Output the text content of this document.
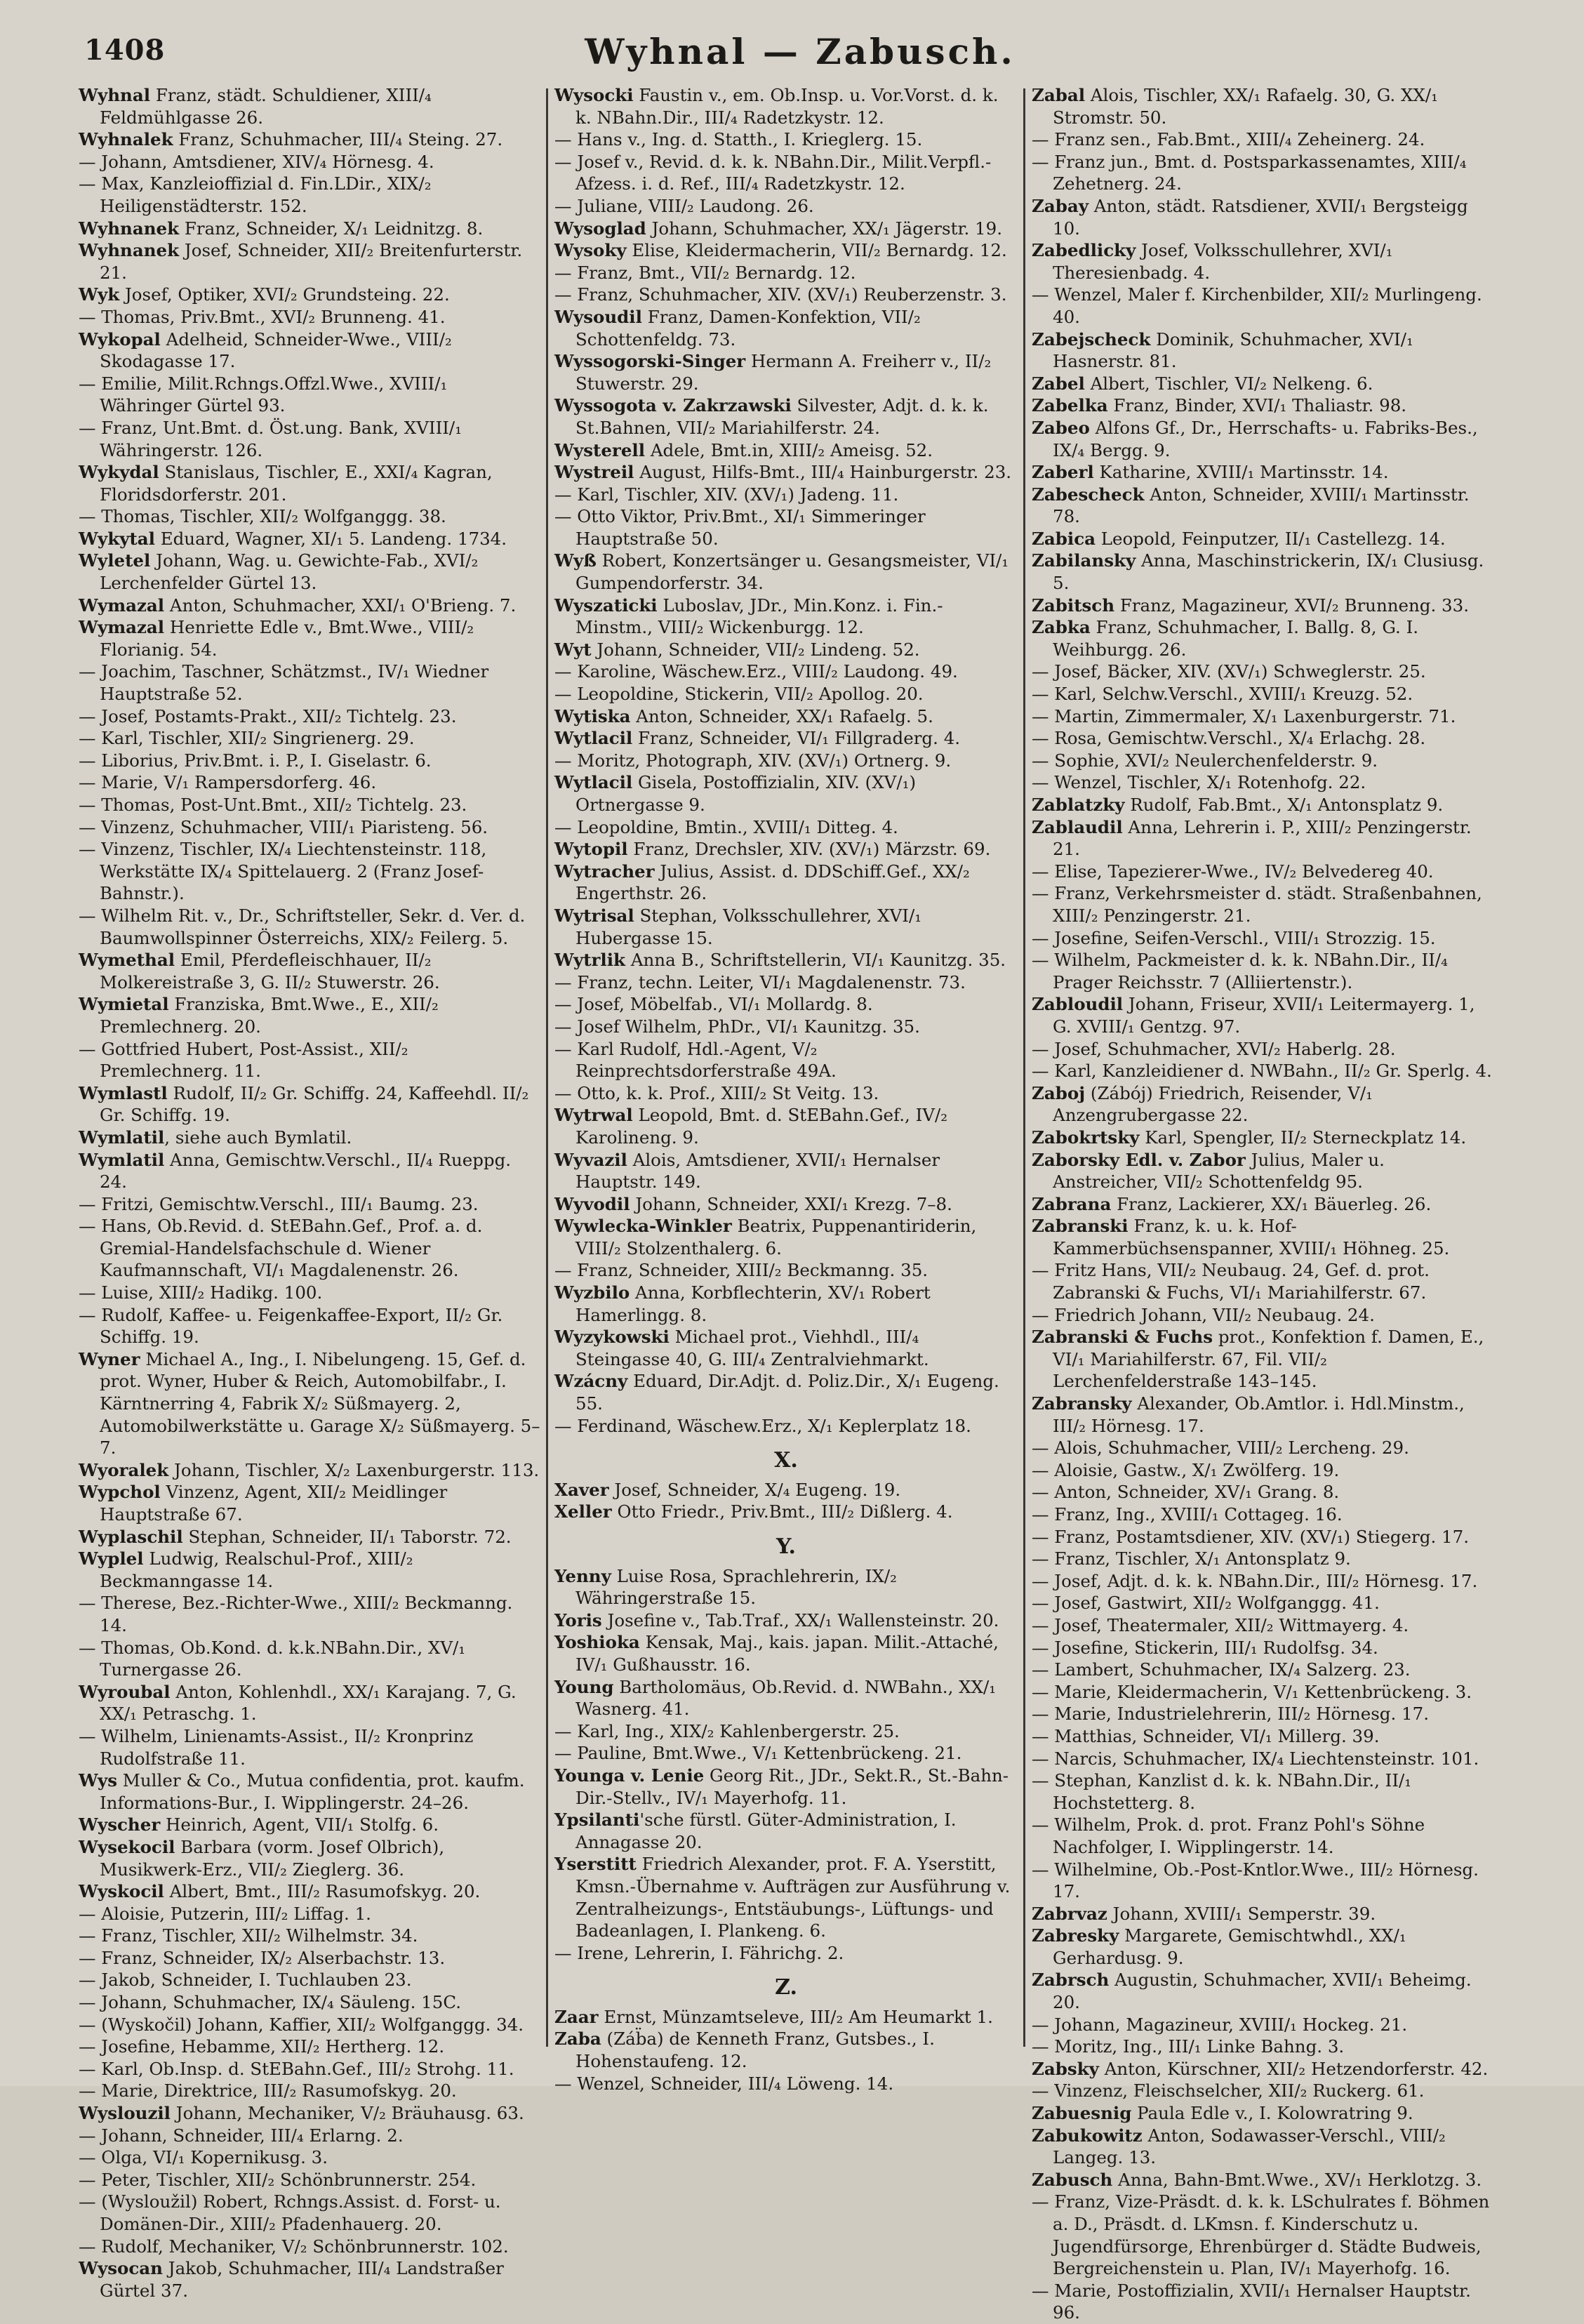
1408	Wyhnal — Zabusch.

Wyhnal Franz, städt. Schuldiener, XIII/₄ Feldmühlgasse 26.

Wyhnalek Franz, Schuhmacher, III/₄ Steing. 27.

— Johann, Amtsdiener, XIV/₄ Hörnesg. 4.

— Max, Kanzleioffizial d. Fin.LDir., XIX/₂ Heiligenstädterstr. 152.

Wyhnanek Franz, Schneider, X/₁ Leidnitzg. 8.

Wyhnanek Josef, Schneider, XII/₂ Breitenfurterstr. 21.

Wyk Josef, Optiker, XVI/₂ Grundsteing. 22.

— Thomas, Priv.Bmt., XVI/₂ Brunneng. 41.

Wykopal Adelheid, Schneider-Wwe., VIII/₂ Skodagasse 17.

— Emilie, Milit.Rchngs.Offzl.Wwe., XVIII/₁ Währinger Gürtel 93.

— Franz, Unt.Bmt. d. Öst.ung. Bank, XVIII/₁ Währingerstr. 126.

Wykydal Stanislaus, Tischler, E., XXI/₄ Kagran, Floridsdorferstr. 201.

— Thomas, Tischler, XII/₂ Wolfganggg. 38.

Wykytal Eduard, Wagner, XI/₁ 5. Landeng. 1734.

Wyletel Johann, Wag. u. Gewichte-Fab., XVI/₂ Lerchenfelder Gürtel 13.

Wymazal Anton, Schuhmacher, XXI/₁ O'Brieng. 7.

Wymazal Henriette Edle v., Bmt.Wwe., VIII/₂ Florianig. 54.

— Joachim, Taschner, Schätzmst., IV/₁ Wiedner Hauptstraße 52.

— Josef, Postamts-Prakt., XII/₂ Tichtelg. 23.

— Karl, Tischler, XII/₂ Singrienerg. 29.

— Liborius, Priv.Bmt. i. P., I. Giselastr. 6.

— Marie, V/₁ Rampersdorferg. 46.

— Thomas, Post-Unt.Bmt., XII/₂ Tichtelg. 23.

— Vinzenz, Schuhmacher, VIII/₁ Piaristeng. 56.

— Vinzenz, Tischler, IX/₄ Liechtensteinstr. 118, Werkstätte IX/₄ Spittelauerg. 2 (Franz Josef-Bahnstr.).

— Wilhelm Rit. v., Dr., Schriftsteller, Sekr. d. Ver. d. Baumwollspinner Österreichs, XIX/₂ Feilerg. 5.

Wymethal Emil, Pferdefleischhauer, II/₂ Molkereistraße 3, G. II/₂ Stuwerstr. 26.

Wymietal Franziska, Bmt.Wwe., E., XII/₂ Premlechnerg. 20.

— Gottfried Hubert, Post-Assist., XII/₂ Premlechnerg. 11.

Wymlastl Rudolf, II/₂ Gr. Schiffg. 24, Kaffeehdl. II/₂ Gr. Schiffg. 19.

Wymlatil, siehe auch Bymlatil.

Wymlatil Anna, Gemischtw.Verschl., II/₄ Rueppg. 24.

— Fritzi, Gemischtw.Verschl., III/₁ Baumg. 23.

— Hans, Ob.Revid. d. StEBahn.Gef., Prof. a. d. Gremial-Handelsfachschule d. Wiener Kaufmannschaft, VI/₁ Magdalenenstr. 26.

— Luise, XIII/₂ Hadikg. 100.

— Rudolf, Kaffee- u. Feigenkaffee-Export, II/₂ Gr. Schiffg. 19.

Wyner Michael A., Ing., I. Nibelungeng. 15, Gef. d. prot. Wyner, Huber & Reich, Automobilfabr., I. Kärntnerring 4, Fabrik X/₂ Süßmayerg. 2, Automobilwerkstätte u. Garage X/₂ Süßmayerg. 5–7.

Wyoralek Johann, Tischler, X/₂ Laxenburgerstr. 113.

Wypchol Vinzenz, Agent, XII/₂ Meidlinger Hauptstraße 67.

Wyplaschil Stephan, Schneider, II/₁ Taborstr. 72.

Wyplel Ludwig, Realschul-Prof., XIII/₂ Beckmanngasse 14.

— Therese, Bez.-Richter-Wwe., XIII/₂ Beckmanng. 14.

— Thomas, Ob.Kond. d. k.k.NBahn.Dir., XV/₁ Turnergasse 26.

Wyroubal Anton, Kohlenhdl., XX/₁ Karajang. 7, G. XX/₁ Petraschg. 1.

— Wilhelm, Linienamts-Assist., II/₂ Kronprinz Rudolfstraße 11.

Wys Muller & Co., Mutua confidentia, prot. kaufm. Informations-Bur., I. Wipplingerstr. 24–26.

Wyscher Heinrich, Agent, VII/₁ Stolfg. 6.

Wysekocil Barbara (vorm. Josef Olbrich), Musikwerk-Erz., VII/₂ Zieglerg. 36.

Wyskocil Albert, Bmt., III/₂ Rasumofskyg. 20.

— Aloisie, Putzerin, III/₂ Liffag. 1.

— Franz, Tischler, XII/₂ Wilhelmstr. 34.

— Franz, Schneider, IX/₂ Alserbachstr. 13.

— Jakob, Schneider, I. Tuchlauben 23.

— Johann, Schuhmacher, IX/₄ Säuleng. 15C.

— (Wyskočil) Johann, Kaffier, XII/₂ Wolfganggg. 34.

— Josefine, Hebamme, XII/₂ Hertherg. 12.

— Karl, Ob.Insp. d. StEBahn.Gef., III/₂ Strohg. 11.

— Marie, Direktrice, III/₂ Rasumofskyg. 20.

Wyslouzil Johann, Mechaniker, V/₂ Bräuhausg. 63.

— Johann, Schneider, III/₄ Erlarng. 2.

— Olga, VI/₁ Kopernikusg. 3.

— Peter, Tischler, XII/₂ Schönbrunnerstr. 254.

— (Wysloužil) Robert, Rchngs.Assist. d. Forst- u. Domänen-Dir., XIII/₂ Pfadenhauerg. 20.

— Rudolf, Mechaniker, V/₂ Schönbrunnerstr. 102.

Wysocan Jakob, Schuhmacher, III/₄ Landstraßer Gürtel 37.

Wysocki Faustin v., em. Ob.Insp. u. Vor.Vorst. d. k. k. NBahn.Dir., III/₄ Radetzkystr. 12.

— Hans v., Ing. d. Statth., I. Krieglerg. 15.

— Josef v., Revid. d. k. k. NBahn.Dir., Milit.Verpfl.-Afzess. i. d. Ref., III/₄ Radetzkystr. 12.

— Juliane, VIII/₂ Laudong. 26.

Wysoglad Johann, Schuhmacher, XX/₁ Jägerstr. 19.

Wysoky Elise, Kleidermacherin, VII/₂ Bernardg. 12.

— Franz, Bmt., VII/₂ Bernardg. 12.

— Franz, Schuhmacher, XIV. (XV/₁) Reuberzenstr. 3.

Wysoudil Franz, Damen-Konfektion, VII/₂ Schottenfeldg. 73.

Wyssogorski-Singer Hermann A. Freiherr v., II/₂ Stuwerstr. 29.

Wyssogota v. Zakrzawski Silvester, Adjt. d. k. k. St.Bahnen, VII/₂ Mariahilferstr. 24.

Wysterell Adele, Bmt.in, XIII/₂ Ameisg. 52.

Wystreil August, Hilfs-Bmt., III/₄ Hainburgerstr. 23.

— Karl, Tischler, XIV. (XV/₁) Jadeng. 11.

— Otto Viktor, Priv.Bmt., XI/₁ Simmeringer Hauptstraße 50.

Wyß Robert, Konzertsänger u. Gesangsmeister, VI/₁ Gumpendorferstr. 34.

Wyszaticki Luboslav, JDr., Min.Konz. i. Fin.-Minstm., VIII/₂ Wickenburgg. 12.

Wyt Johann, Schneider, VII/₂ Lindeng. 52.

— Karoline, Wäschew.Erz., VIII/₂ Laudong. 49.

— Leopoldine, Stickerin, VII/₂ Apollog. 20.

Wytiska Anton, Schneider, XX/₁ Rafaelg. 5.

Wytlacil Franz, Schneider, VI/₁ Fillgraderg. 4.

— Moritz, Photograph, XIV. (XV/₁) Ortnerg. 9.

Wytlacil Gisela, Postoffizialin, XIV. (XV/₁) Ortnergasse 9.

— Leopoldine, Bmtin., XVIII/₁ Ditteg. 4.

Wytopil Franz, Drechsler, XIV. (XV/₁) Märzstr. 69.

Wytracher Julius, Assist. d. DDSchiff.Gef., XX/₂ Engerthstr. 26.

Wytrisal Stephan, Volksschullehrer, XVI/₁ Hubergasse 15.

Wytrlik Anna B., Schriftstellerin, VI/₁ Kaunitzg. 35.

— Franz, techn. Leiter, VI/₁ Magdalenenstr. 73.

— Josef, Möbelfab., VI/₁ Mollardg. 8.

— Josef Wilhelm, PhDr., VI/₁ Kaunitzg. 35.

— Karl Rudolf, Hdl.-Agent, V/₂ Reinprechtsdorferstraße 49A.

— Otto, k. k. Prof., XIII/₂ St Veitg. 13.

Wytrwal Leopold, Bmt. d. StEBahn.Gef., IV/₂ Karolineng. 9.

Wyvazil Alois, Amtsdiener, XVII/₁ Hernalser Hauptstr. 149.

Wyvodil Johann, Schneider, XXI/₁ Krezg. 7–8.

Wywlecka-Winkler Beatrix, Puppenantiriderin, VIII/₂ Stolzenthalerg. 6.

— Franz, Schneider, XIII/₂ Beckmanng. 35.

Wyzbilo Anna, Korbflechterin, XV/₁ Robert Hamerlingg. 8.

Wyzykowski Michael prot., Viehhdl., III/₄ Steingasse 40, G. III/₄ Zentralviehmarkt.

Wzácny Eduard, Dir.Adjt. d. Poliz.Dir., X/₁ Eugeng. 55.

— Ferdinand, Wäschew.Erz., X/₁ Keplerplatz 18.

X.

Xaver Josef, Schneider, X/₄ Eugeng. 19.

Xeller Otto Friedr., Priv.Bmt., III/₂ Dißlerg. 4.

Y.

Yenny Luise Rosa, Sprachlehrerin, IX/₂ Währingerstraße 15.

Yoris Josefine v., Tab.Traf., XX/₁ Wallensteinstr. 20.

Yoshioka Kensak, Maj., kais. japan. Milit.-Attaché, IV/₁ Gußhausstr. 16.

Young Bartholomäus, Ob.Revid. d. NWBahn., XX/₁ Wasnerg. 41.

— Karl, Ing., XIX/₂ Kahlenbergerstr. 25.

— Pauline, Bmt.Wwe., V/₁ Kettenbrückeng. 21.

Younga v. Lenie Georg Rit., JDr., Sekt.R., St.-Bahn-Dir.-Stellv., IV/₁ Mayerhofg. 11.

Ypsilanti'sche fürstl. Güter-Administration, I. Annagasse 20.

Yserstitt Friedrich Alexander, prot. F. A. Yserstitt, Kmsn.-Übernahme v. Aufträgen zur Ausführung v. Zentralheizungs-, Entstäubungs-, Lüftungs- und Badeanlagen, I. Plankeng. 6.

— Irene, Lehrerin, I. Fährichg. 2.

Z.

Zaar Ernst, Münzamtseleve, III/₂ Am Heumarkt 1.

Zaba (Záb̈a) de Kenneth Franz, Gutsbes., I. Hohenstaufeng. 12.

— Wenzel, Schneider, III/₄ Löweng. 14.

Zabal Alois, Tischler, XX/₁ Rafaelg. 30, G. XX/₁ Stromstr. 50.

— Franz sen., Fab.Bmt., XIII/₄ Zeheinerg. 24.

— Franz jun., Bmt. d. Postsparkassenamtes, XIII/₄ Zehetnerg. 24.

Zabay Anton, städt. Ratsdiener, XVII/₁ Bergsteigg 10.

Zabedlicky Josef, Volksschullehrer, XVI/₁ Theresienbadg. 4.

— Wenzel, Maler f. Kirchenbilder, XII/₂ Murlingeng. 40.

Zabejscheck Dominik, Schuhmacher, XVI/₁ Hasnerstr. 81.

Zabel Albert, Tischler, VI/₂ Nelkeng. 6.

Zabelka Franz, Binder, XVI/₁ Thaliastr. 98.

Zabeo Alfons Gf., Dr., Herrschafts- u. Fabriks-Bes., IX/₄ Bergg. 9.

Zaberl Katharine, XVIII/₁ Martinsstr. 14.

Zabescheck Anton, Schneider, XVIII/₁ Martinsstr. 78.

Zabica Leopold, Feinputzer, II/₁ Castellezg. 14.

Zabilansky Anna, Maschinstrickerin, IX/₁ Clusiusg. 5.

Zabitsch Franz, Magazineur, XVI/₂ Brunneng. 33.

Zabka Franz, Schuhmacher, I. Ballg. 8, G. I. Weihburgg. 26.

— Josef, Bäcker, XIV. (XV/₁) Schweglerstr. 25.

— Karl, Selchw.Verschl., XVIII/₁ Kreuzg. 52.

— Martin, Zimmermaler, X/₁ Laxenburgerstr. 71.

— Rosa, Gemischtw.Verschl., X/₄ Erlachg. 28.

— Sophie, XVI/₂ Neulerchenfelderstr. 9.

— Wenzel, Tischler, X/₁ Rotenhofg. 22.

Zablatzky Rudolf, Fab.Bmt., X/₁ Antonsplatz 9.

Zablaudil Anna, Lehrerin i. P., XIII/₂ Penzingerstr. 21.

— Elise, Tapezierer-Wwe., IV/₂ Belvedereg 40.

— Franz, Verkehrsmeister d. städt. Straßenbahnen, XIII/₂ Penzingerstr. 21.

— Josefine, Seifen-Verschl., VIII/₁ Strozzig. 15.

— Wilhelm, Packmeister d. k. k. NBahn.Dir., II/₄ Prager Reichsstr. 7 (Alliiertenstr.).

Zabloudil Johann, Friseur, XVII/₁ Leitermayerg. 1, G. XVIII/₁ Gentzg. 97.

— Josef, Schuhmacher, XVI/₂ Haberlg. 28.

— Karl, Kanzleidiener d. NWBahn., II/₂ Gr. Sperlg. 4.

Zaboj (Zábój) Friedrich, Reisender, V/₁ Anzengrubergasse 22.

Zabokrtsky Karl, Spengler, II/₂ Sterneckplatz 14.

Zaborsky Edl. v. Zabor Julius, Maler u. Anstreicher, VII/₂ Schottenfeldg 95.

Zabrana Franz, Lackierer, XX/₁ Bäuerleg. 26.

Zabranski Franz, k. u. k. Hof-Kammerbüchsenspanner, XVIII/₁ Höhneg. 25.

— Fritz Hans, VII/₂ Neubaug. 24, Gef. d. prot. Zabranski & Fuchs, VI/₁ Mariahilferstr. 67.

— Friedrich Johann, VII/₂ Neubaug. 24.

Zabranski & Fuchs prot., Konfektion f. Damen, E., VI/₁ Mariahilferstr. 67, Fil. VII/₂ Lerchenfelderstraße 143–145.

Zabransky Alexander, Ob.Amtlor. i. Hdl.Minstm., III/₂ Hörnesg. 17.

— Alois, Schuhmacher, VIII/₂ Lercheng. 29.

— Aloisie, Gastw., X/₁ Zwölferg. 19.

— Anton, Schneider, XV/₁ Grang. 8.

— Franz, Ing., XVIII/₁ Cottageg. 16.

— Franz, Postamtsdiener, XIV. (XV/₁) Stiegerg. 17.

— Franz, Tischler, X/₁ Antonsplatz 9.

— Josef, Adjt. d. k. k. NBahn.Dir., III/₂ Hörnesg. 17.

— Josef, Gastwirt, XII/₂ Wolfganggg. 41.

— Josef, Theatermaler, XII/₂ Wittmayerg. 4.

— Josefine, Stickerin, III/₁ Rudolfsg. 34.

— Lambert, Schuhmacher, IX/₄ Salzerg. 23.

— Marie, Kleidermacherin, V/₁ Kettenbrückeng. 3.

— Marie, Industrielehrerin, III/₂ Hörnesg. 17.

— Matthias, Schneider, VI/₁ Millerg. 39.

— Narcis, Schuhmacher, IX/₄ Liechtensteinstr. 101.

— Stephan, Kanzlist d. k. k. NBahn.Dir., II/₁ Hochstetterg. 8.

— Wilhelm, Prok. d. prot. Franz Pohl's Söhne Nachfolger, I. Wipplingerstr. 14.

— Wilhelmine, Ob.-Post-Kntlor.Wwe., III/₂ Hörnesg. 17.

Zabrvaz Johann, XVIII/₁ Semperstr. 39.

Zabresky Margarete, Gemischtwhdl., XX/₁ Gerhardusg. 9.

Zabrsch Augustin, Schuhmacher, XVII/₁ Beheimg. 20.

— Johann, Magazineur, XVIII/₁ Hockeg. 21.

— Moritz, Ing., III/₁ Linke Bahng. 3.

Zabsky Anton, Kürschner, XII/₂ Hetzendorferstr. 42.

— Vinzenz, Fleischselcher, XII/₂ Ruckerg. 61.

Zabuesnig Paula Edle v., I. Kolowratring 9.

Zabukowitz Anton, Sodawasser-Verschl., VIII/₂ Langeg. 13.

Zabusch Anna, Bahn-Bmt.Wwe., XV/₁ Herklotzg. 3.

— Franz, Vize-Präsdt. d. k. k. LSchulrates f. Böhmen a. D., Präsdt. d. LKmsn. f. Kinderschutz u. Jugendfürsorge, Ehrenbürger d. Städte Budweis, Bergreichenstein u. Plan, IV/₁ Mayerhofg. 16.

— Marie, Postoffizialin, XVII/₁ Hernalser Hauptstr. 96.
